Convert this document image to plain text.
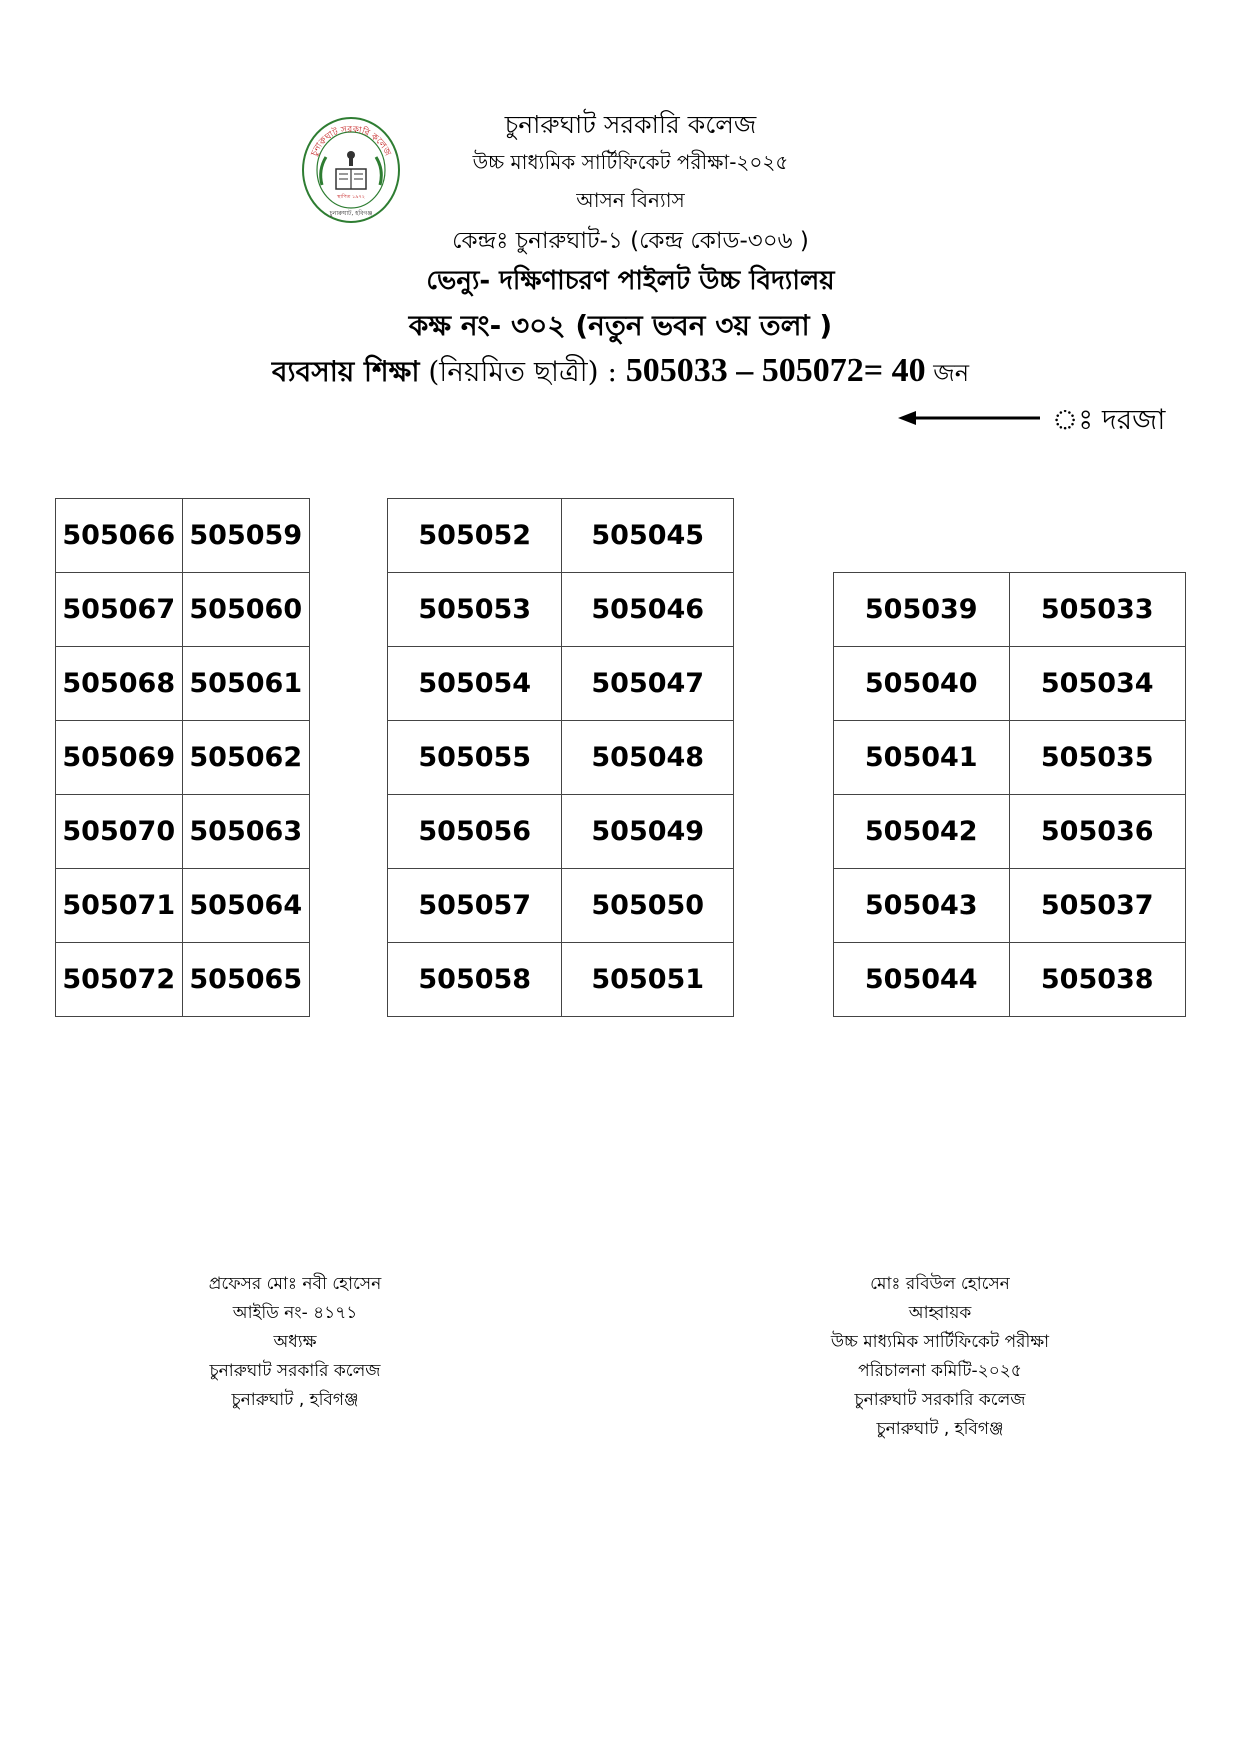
চুনারুঘাট সরকারি কলেজ
স্থাপিত ১৯৭২
চুনারুঘাট, হবিগঞ্জ
চুনারুঘাট সরকারি কলেজ
উচ্চ মাধ্যমিক সার্টিফিকেট পরীক্ষা-২০২৫
আসন বিন্যাস
কেন্দ্রঃ চুনারুঘাট-১ (কেন্দ্র কোড-৩০৬ )
ভেন্যু- দক্ষিণাচরণ পাইলট উচ্চ বিদ্যালয়
কক্ষ নং- ৩০২ (নতুন ভবন ৩য় তলা )
ব্যবসায় শিক্ষা (নিয়মিত ছাত্রী) : 505033 – 505072= 40 জন
ঃ দরজা
505066	505059
505067	505060
505068	505061
505069	505062
505070	505063
505071	505064
505072	505065
505052	505045
505053	505046
505054	505047
505055	505048
505056	505049
505057	505050
505058	505051
505039	505033
505040	505034
505041	505035
505042	505036
505043	505037
505044	505038
প্রফেসর মোঃ নবী হোসেন
আইডি নং- ৪১৭১
অধ্যক্ষ
চুনারুঘাট সরকারি কলেজ
চুনারুঘাট , হবিগঞ্জ
মোঃ রবিউল হোসেন
আহ্বায়ক
উচ্চ মাধ্যমিক সার্টিফিকেট পরীক্ষা
পরিচালনা কমিটি-২০২৫
চুনারুঘাট সরকারি কলেজ
চুনারুঘাট , হবিগঞ্জ
